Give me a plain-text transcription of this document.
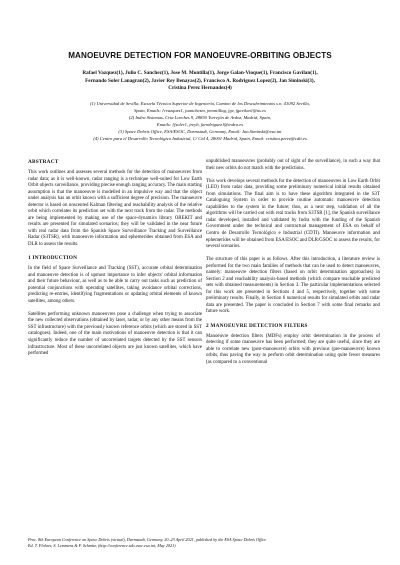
MANOEUVRE DETECTION FOR MANOEUVRE-ORBITING OBJECTS
Rafael Vazquez(1), Julio C. Sanchez(1), Jose M. Montilla(1), Jorge Galan-Vioque(1), Francisco Gavilan(1),
Fernando Soler Lanagran(2), Javier Rey Benayas(2), Francisco A. Rodriguez Lopez(2), Jan Siminski(3),
Cristina Perez Hernandez(4)
(1) Universidad de Sevilla, Escuela Técnica Superior de Ingeniería, Camino de los Descubrimientos s.n. 41092 Sevilla,
Spain, Emails: {rvazquez1, juanchezm, jmontillag, jgv, fgavilan}@us.es
(2) Indra Sistemas, Crta Loeches 9, 28850 Torrejón de Ardoz, Madrid, Spain,
Emails: {fsoler1, jreyb, farodriguez}@indra.es
(3) Space Debris Office, ESA/ESOC, Darmstadt, Germany, Email: Jan.Siminski@esa.int
(4) Centro para el Desarrollo Tecnológico Industrial, C/ Cid 4, 28001 Madrid, Spain, Email: cristina.perez@cdti.es
ABSTRACT

This work outlines and assesses several methods for the detection of manoeuvres from radar data; as it is well-known, radar ranging is a technique well-suited for Low Earth Orbit objects surveillance, providing precise enough ranging accuracy. The main starting assumption is that the manoeuvre is modelled in an impulsive way and that the object under analysis has an orbit known with a sufficient degree of precision. The manoeuvre detector is based on unscented Kalman filtering and reachability analysis of the relative orbit which correlates its prediction set with the next track from the radar. The methods are being implemented by making use of the space-dynamics library OREKIT and results are presented for simulated scenarios; they will be validated in the near future with real radar data from the Spanish Space Surveillance Tracking and Surveillance Radar (S3TSR), with manoeuvre information and ephemerides obtained from ESA and DLR to assess the results.

1 INTRODUCTION

In the field of Space Surveillance and Tracking (SST), accurate orbital determination and manoeuvre detection is of upmost importance to infer objects' orbital information and their future behaviour, as well as to be able to carry out tasks such as prediction of potential conjunctions with operating satellites, taking avoidance orbital corrections, predicting re-entries, identifying fragmentations or updating orbital elements of known satellites, among others.

Satellites performing unknown manoeuvres pose a challenge when trying to associate the new collected observations (obtained by laser, radar, or by any other means from the SST infrastructure) with the previously known reference orbits (which are stored in SST catalogues). Indeed, one of the main motivations of manoeuvre detection is that it can significantly reduce the number of uncorrelated targets detected by the SST sensors infrastructure. Most of these uncorrelated objects are just known satellites, which have performed

unpublished manoeuvres (probably out of sight of the surveillance), in such a way that their new orbits do not match with the predictions.

This work develops several methods for the detection of manoeuvres in Low Earth Orbit (LEO) from radar data, providing some preliminary numerical initial results obtained from simulations. The final aim is to have these algorithm integrated in the S3T Cataloguing System in order to provide routine automatic manoeuvre detection capabilities to the system in the future; thus, as a next step, validation of all the algorithms will be carried out with real tracks from S3TSR [1], the Spanish surveillance radar developed, installed and validated by Indra with the funding of the Spanish Government under the technical and contractual management of ESA on behalf of Centro de Desarrollo Tecnológico e Industrial (CDTI). Manoeuvre information and ephemerides will be obtained from ESA/ESOC and DLR/GSOC to assess the results, for several scenarios.

The structure of this paper is as follows. After this introduction, a literature review is performed for the two main families of methods that can be used to detect manoeuvres, namely: manoeuvre detection filters (based on orbit determination approaches) in Section 2 and reachability analysis-based methods (which compare reachable predicted sets with obtained measurements) in Section 3. The particular implementations selected for this work are presented in Sections 4 and 5, respectively, together with some preliminary results. Finally, in Section 6 numerical results for simulated orbits and radar data are presented. The paper is concluded in Section 7 with some final remarks and future work.

2 MANOEUVRE DETECTION FILTERS

Manoeuvre detection filters (MDFs) employ orbit determination in the process of detecting if some manoeuvre has been performed; they are quite useful, since they are able to correlate new (post-manoeuvre) orbits with previous (pre-manoeuvre) known orbits, thus paving the way to perform orbit determination using quite fewer measures (as compared to a conventional

Proc. 8th European Conference on Space Debris (virtual), Darmstadt, Germany, 20–23 April 2021, published by the ESA Space Debris Office
Ed. T. Flohrer, S. Lemmens & F. Schmitz, (http://conference.sdo.esoc.esa.int, May 2021)
